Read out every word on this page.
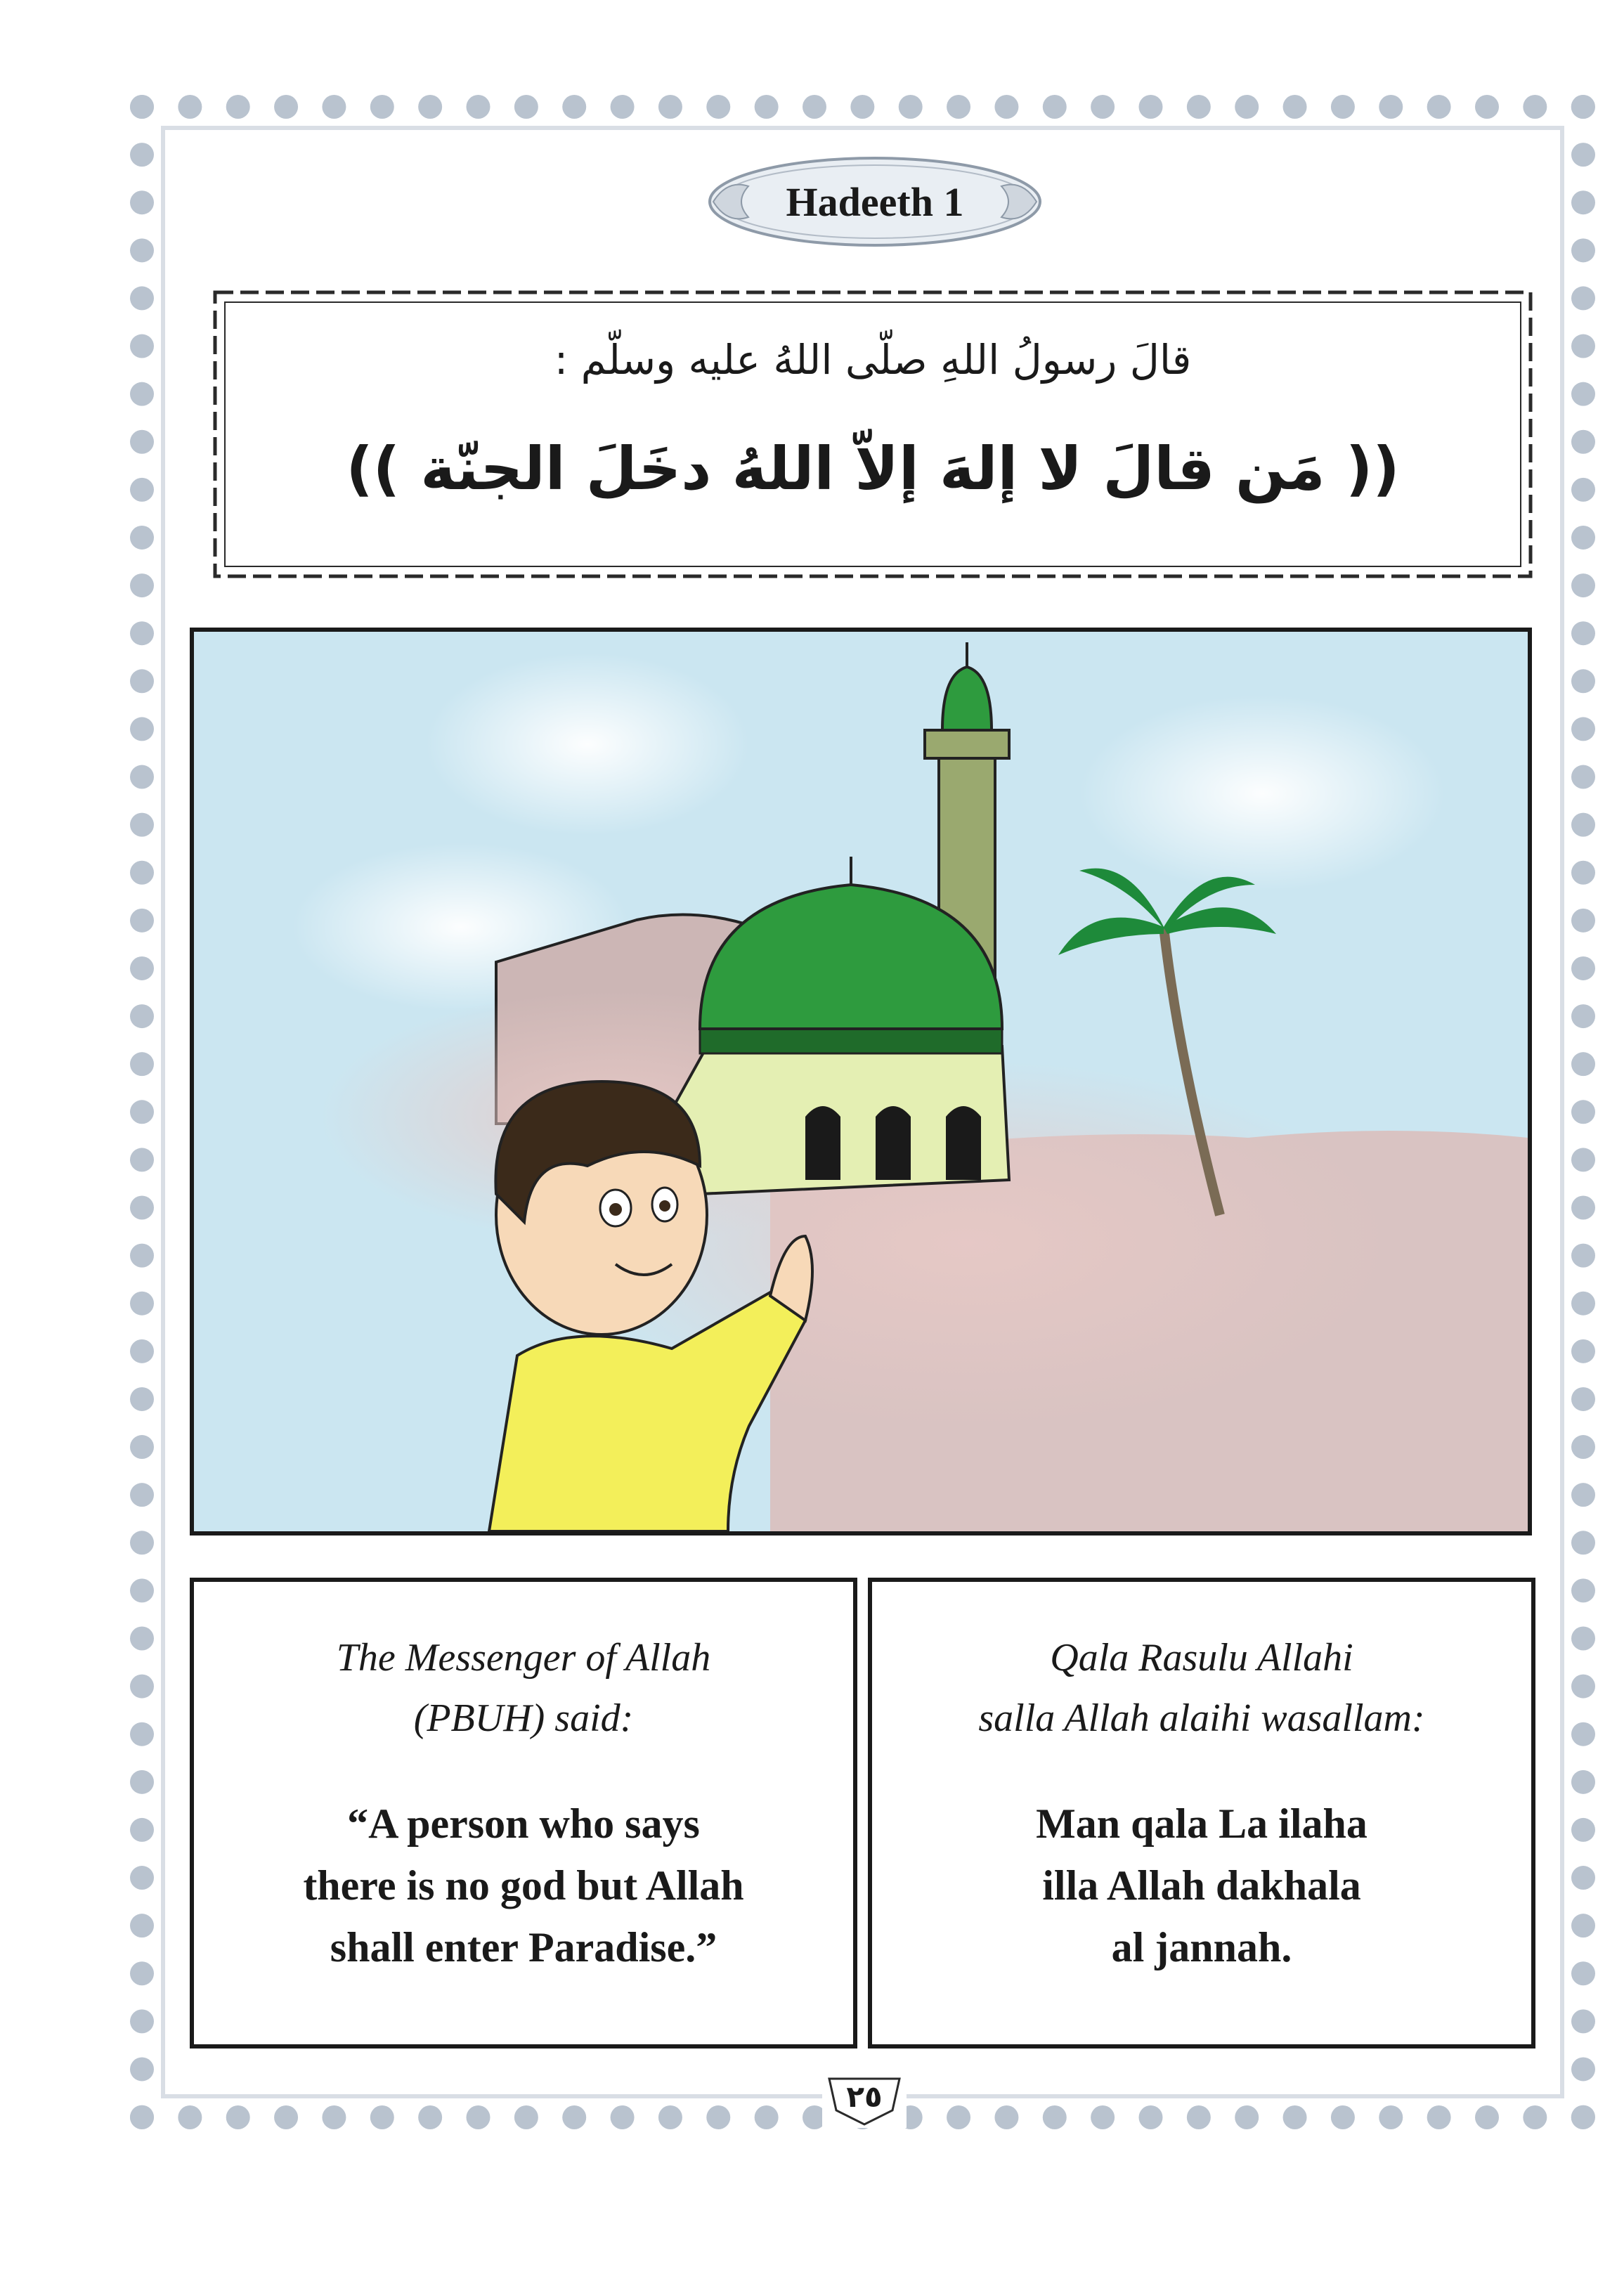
Hadeeth 1
قالَ رسولُ اللهِ صلّى اللهُ عليه وسلّم :
(( مَن قالَ لا إلهَ إلاّ اللهُ دخَلَ الجنّة ))
The Messenger of Allah
(PBUH) said:
“A person who says
there is no god but Allah
shall enter Paradise.”
Qala Rasulu Allahi
salla Allah alaihi wasallam:
Man qala La ilaha
illa Allah dakhala
al jannah.
٢٥
